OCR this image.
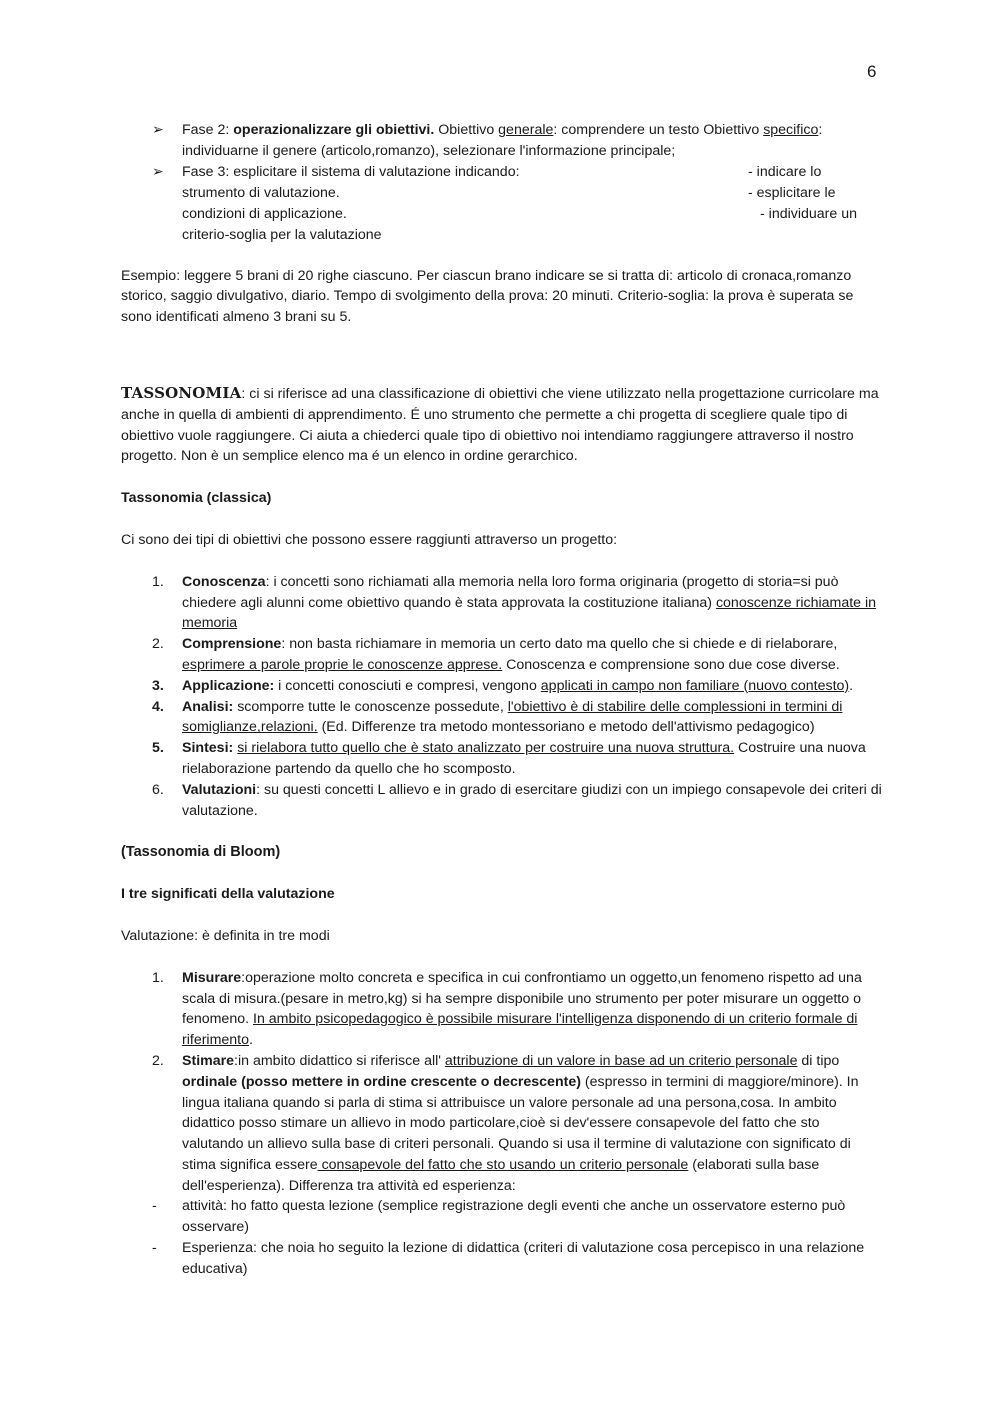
6
➢ Fase 2: operazionalizzare gli obiettivi. Obiettivo generale: comprendere un testo Obiettivo specifico: individuarne il genere (articolo,romanzo), selezionare l'informazione principale;
➢ Fase 3: esplicitare il sistema di valutazione indicando:
strumento di valutazione.
condizioni di applicazione.
criterio-soglia per la valutazione
- indicare lo
- esplicitare le
- individuare un

Esempio: leggere 5 brani di 20 righe ciascuno. Per ciascun brano indicare se si tratta di: articolo di cronaca,romanzo storico, saggio divulgativo, diario. Tempo di svolgimento della prova: 20 minuti. Criterio-soglia: la prova è superata se sono identificati almeno 3 brani su 5.

TASSONOMIA: ci si riferisce ad una classificazione di obiettivi che viene utilizzato nella progettazione curricolare ma anche in quella di ambienti di apprendimento. É uno strumento che permette a chi progetta di scegliere quale tipo di obiettivo vuole raggiungere. Ci aiuta a chiederci quale tipo di obiettivo noi intendiamo raggiungere attraverso il nostro progetto. Non è un semplice elenco ma é un elenco in ordine gerarchico.

Tassonomia (classica)

Ci sono dei tipi di obiettivi che possono essere raggiunti attraverso un progetto:

1. Conoscenza: i concetti sono richiamati alla memoria nella loro forma originaria (progetto di storia=si può chiedere agli alunni come obiettivo quando è stata approvata la costituzione italiana) conoscenze richiamate in memoria
2. Comprensione: non basta richiamare in memoria un certo dato ma quello che si chiede e di rielaborare, esprimere a parole proprie le conoscenze apprese. Conoscenza e comprensione sono due cose diverse.
3. Applicazione: i concetti conosciuti e compresi, vengono applicati in campo non familiare (nuovo contesto).
4. Analisi: scomporre tutte le conoscenze possedute, l'obiettivo è di stabilire delle complessioni in termini di somiglianze,relazioni. (Ed. Differenze tra metodo montessoriano e metodo dell'attivismo pedagogico)
5. Sintesi: si rielabora tutto quello che è stato analizzato per costruire una nuova struttura. Costruire una nuova rielaborazione partendo da quello che ho scomposto.
6. Valutazioni: su questi concetti L allievo e in grado di esercitare giudizi con un impiego consapevole dei criteri di valutazione.
(Tassonomia di Bloom)
I tre significati della valutazione

Valutazione: è definita in tre modi

1. Misurare:operazione molto concreta e specifica in cui confrontiamo un oggetto,un fenomeno rispetto ad una scala di misura.(pesare in metro,kg) si ha sempre disponibile uno strumento per poter misurare un oggetto o fenomeno. In ambito psicopedagogico è possibile misurare l'intelligenza disponendo di un criterio formale di riferimento.
2. Stimare:in ambito didattico si riferisce all' attribuzione di un valore in base ad un criterio personale di tipo ordinale (posso mettere in ordine crescente o decrescente) (espresso in termini di maggiore/minore). In lingua italiana quando si parla di stima si attribuisce un valore personale ad una persona,cosa. In ambito didattico posso stimare un allievo in modo particolare,cioè si dev'essere consapevole del fatto che sto valutando un allievo sulla base di criteri personali. Quando si usa il termine di valutazione con significato di stima significa essere consapevole del fatto che sto usando un criterio personale (elaborati sulla base dell'esperienza). Differenza tra attività ed esperienza:
- attività: ho fatto questa lezione (semplice registrazione degli eventi che anche un osservatore esterno può osservare)
- Esperienza: che noia ho seguito la lezione di didattica (criteri di valutazione cosa percepisco in una relazione educativa)
